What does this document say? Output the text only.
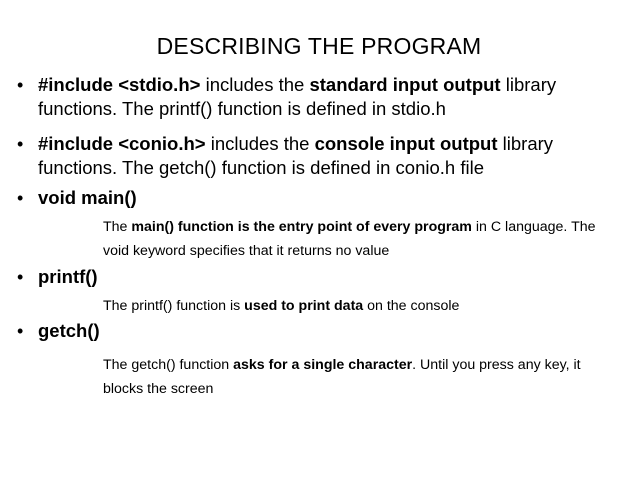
DESCRIBING THE PROGRAM
• #include <stdio.h> includes the standard input output library functions. The printf() function is defined in stdio.h
• #include <conio.h> includes the console input output library functions. The getch() function is defined in conio.h file
• void main()
The main() function is the entry point of every program in C language. The void keyword specifies that it returns no value
• printf()
The printf() function is used to print data on the console
• getch()
The getch() function asks for a single character. Until you press any key, it blocks the screen
